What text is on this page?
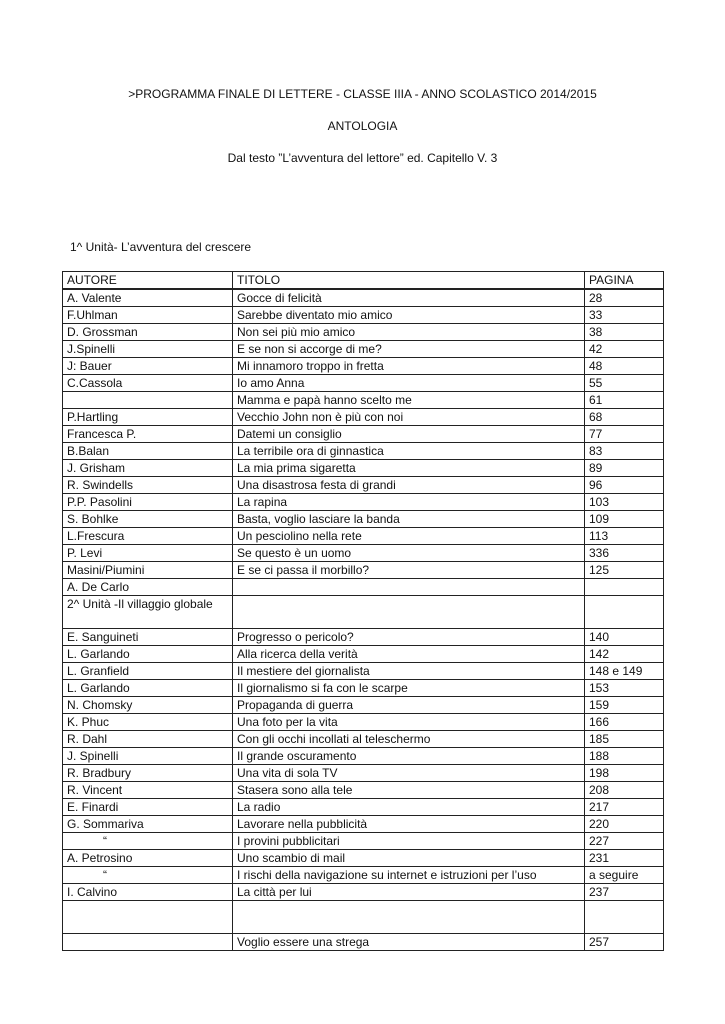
>PROGRAMMA FINALE DI LETTERE - CLASSE IIIA - ANNO SCOLASTICO 2014/2015
ANTOLOGIA
Dal testo ”L’avventura del lettore” ed. Capitello V. 3
1^ Unità- L’avventura del crescere
AUTORE	TITOLO	PAGINA
A. Valente	Gocce di felicità	28
F.Uhlman	Sarebbe diventato mio amico	33
D. Grossman	Non sei più mio amico	38
J.Spinelli	E se non si accorge di me?	42
J: Bauer	Mi innamoro troppo in fretta	48
C.Cassola	Io amo Anna	55
	Mamma e papà hanno scelto me	61
P.Hartling	Vecchio John non è più con noi	68
Francesca P.	Datemi un consiglio	77
B.Balan	La terribile ora di ginnastica	83
J. Grisham	La mia prima sigaretta	89
R. Swindells	Una disastrosa festa di grandi	96
P.P. Pasolini	La rapina	103
S. Bohlke	Basta, voglio lasciare la banda	109
L.Frescura	Un pesciolino nella rete	113
P. Levi	Se questo è un uomo	336
Masini/Piumini	E se ci passa il morbillo?	125
A. De Carlo		
2^ Unità -Il villaggio globale		
E. Sanguineti	Progresso o pericolo?	140
L. Garlando	Alla ricerca della verità	142
L. Granfield	Il mestiere del giornalista	148 e 149
L. Garlando	Il giornalismo si fa con le scarpe	153
N. Chomsky	Propaganda di guerra	159
K. Phuc	Una foto per la vita	166
R. Dahl	Con gli occhi incollati al teleschermo	185
J. Spinelli	Il grande oscuramento	188
R. Bradbury	Una vita di sola TV	198
R. Vincent	Stasera sono alla tele	208
E. Finardi	La radio	217
G. Sommariva	Lavorare nella pubblicità	220
“	I provini pubblicitari	227
A. Petrosino	Uno scambio di mail	231
“	I rischi della navigazione su internet e istruzioni per l’uso	a seguire
I. Calvino	La città per lui	237

	Voglio essere una strega	257
